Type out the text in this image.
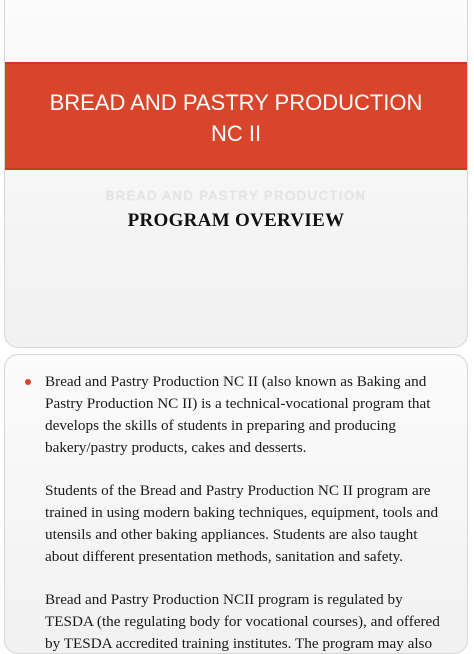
BREAD AND PASTRY PRODUCTION
NC II
BREAD AND PASTRY PRODUCTION
PROGRAM OVERVIEW

Bread and Pastry Production NC II (also known as Baking and Pastry Production NC II) is a technical-vocational program that develops the skills of students in preparing and producing bakery/pastry products, cakes and desserts.

Students of the Bread and Pastry Production NC II program are trained in using modern baking techniques, equipment, tools and utensils and other baking appliances. Students are also taught about different presentation methods, sanitation and safety.

Bread and Pastry Production NCII program is regulated by TESDA (the regulating body for vocational courses), and offered by TESDA accredited training institutes. The program may also
